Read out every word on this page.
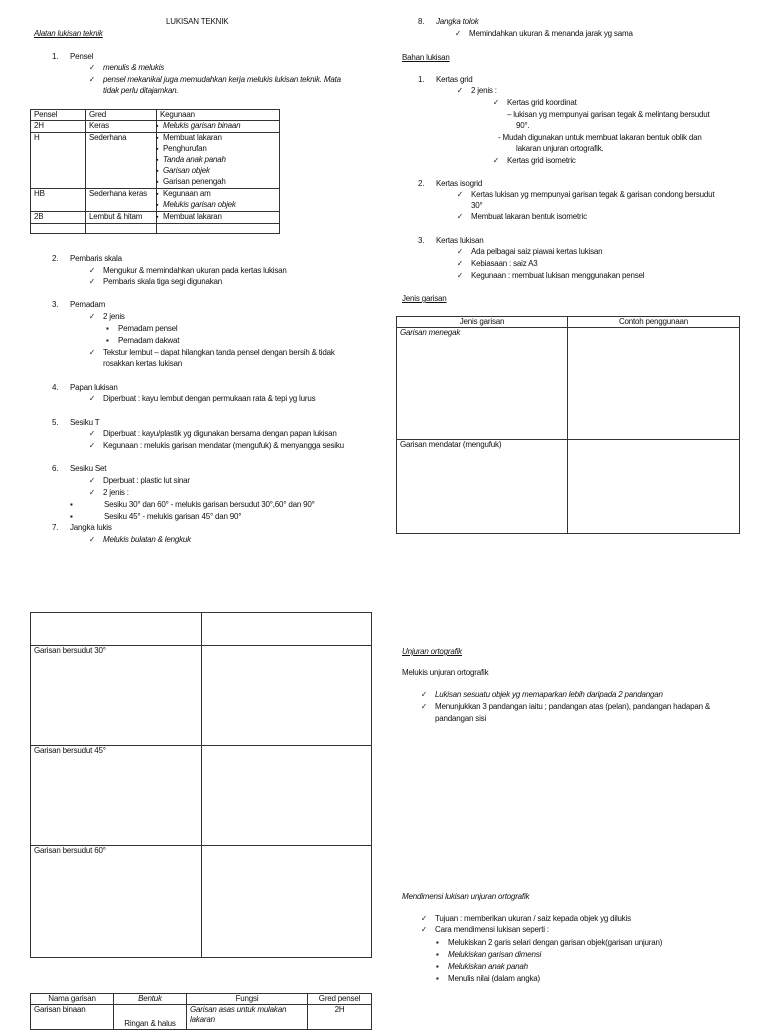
LUKISAN TEKNIK
Alatan lukisan teknik
1. Pensel
✓ menulis & melukis
✓ pensel mekanikal juga memudahkan kerja melukis lukisan teknik. Mata
tidak perlu ditajamkan.
Pensel	Gred	Kegunaan
2H	Keras	▪ Melukis garisan binaan

H	Sederhana	▪ Membuat lakaran
▪ Penghurufan
▪ Tanda anak panah
▪ Garisan objek
▪ Garisan penengah

HB	Sederhana keras	▪ Kegunaan am
▪ Melukis garisan objek

2B	Lembut & hitam	▪ Membuat lakaran

2. Pembaris skala
✓ Mengukur & memindahkan ukuran pada kertas lukisan
✓ Pembaris skala tiga segi digunakan
3. Pemadam
✓ 2 jenis
▪ Pemadam pensel
▪ Pemadam dakwat
✓ Tekstur lembut – dapat hilangkan tanda pensel dengan bersih & tidak
rosakkan kertas lukisan
4. Papan lukisan
✓ Diperbuat : kayu lembut dengan permukaan rata & tepi yg lurus
5. Sesiku T
✓ Diperbuat : kayu/plastik yg digunakan bersama dengan papan lukisan
✓ Kegunaan : melukis garisan mendatar (mengufuk) & menyangga sesiku
6. Sesiku Set
✓ Dperbuat : plastic lut sinar
✓ 2 jenis :
▪ Sesiku 30° dan 60° - melukis garisan bersudut 30°,60° dan 90°
▪ Sesiku 45° - melukis garisan 45° dan 90°
7. Jangka lukis
✓ Melukis bulatan & lengkuk
8. Jangka tolok
✓ Memindahkan ukuran & menanda jarak yg sama
Bahan lukisan
1. Kertas grid
✓ 2 jenis :
✓ Kertas grid koordinat
– lukisan yg mempunyai garisan tegak & melintang bersudut
90°.
- Mudah digunakan untuk membuat lakaran bentuk oblik dan
lakaran unjuran ortografik.
✓ Kertas grid isometric
2. Kertas isogrid
✓ Kertas lukisan yg mempunyai garisan tegak & garisan condong bersudut
30°
✓ Membuat lakaran bentuk isometric
3. Kertas lukisan
✓ Ada pelbagai saiz piawai kertas lukisan
✓ Kebiasaan : saiz A3
✓ Kegunaan : membuat lukisan menggunakan pensel
Jenis garisan
Jenis garisan	Contoh penggunaan
Garisan menegak	
Garisan mendatar (mengufuk)	

Garisan bersudut 30°	
Garisan bersudut 45°	
Garisan bersudut 60°	
Nama garisan	Bentuk	Fungsi	Gred pensel
Garisan binaan	Ringan & halus	Garisan asas untuk mulakan
lakaran	2H
Unjuran ortografik
Melukis unjuran ortografik
✓ Lukisan sesuatu objek yg memaparkan lebih daripada 2 pandangan
✓ Menunjukkan 3 pandangan iaitu ; pandangan atas (pelan), pandangan hadapan &
pandangan sisi
Mendimensi lukisan unjuran ortografik
✓ Tujuan : memberikan ukuran / saiz kepada objek yg dilukis
✓ Cara mendimensi lukisan seperti :
▪ Melukiskan 2 garis selari dengan garisan objek(garisan unjuran)
▪ Melukiskan garisan dimensi
▪ Melukiskan anak panah
▪ Menulis nilai (dalam angka)
